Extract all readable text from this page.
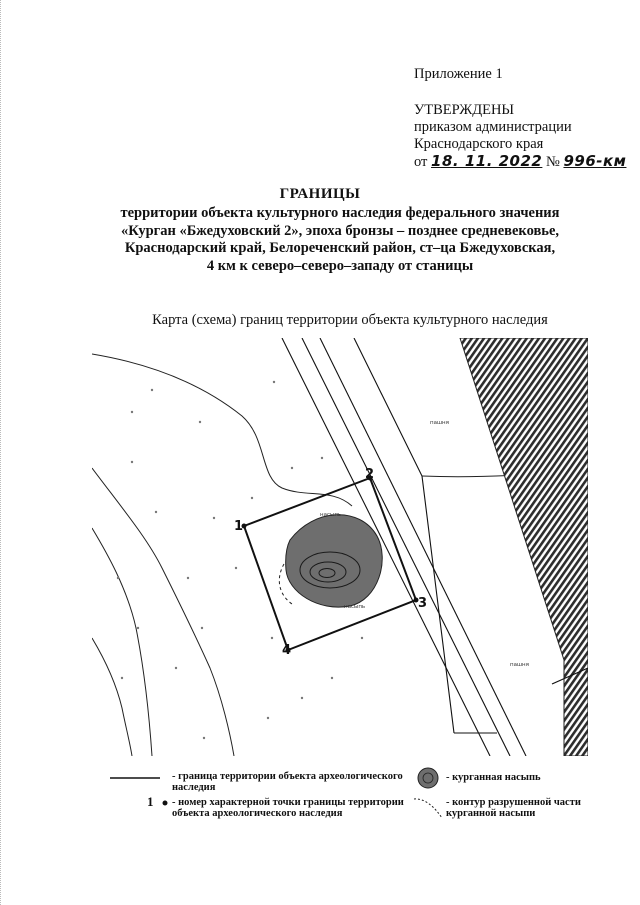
Приложение 1
УТВЕРЖДЕНЫ
приказом администрации
Краснодарского края
от 18. 11. 2022 № 996-км
ГРАНИЦЫ
территории объекта культурного наследия федерального значения
«Курган «Бжедуховский 2», эпоха бронзы – позднее средневековье,
Краснодарский край, Белореченский район, ст–ца Бжедуховская,
4 км к северо–северо–западу от станицы
Карта (схема) границ территории объекта культурного наследия
1
2
3
4
пашня
пашня
насыпь
насыпь
- граница территории объекта археологического наследия
1 - номер характерной точки границы территории объекта археологического наследия
- курганная насыпь
- контур разрушенной части курганной насыпи
